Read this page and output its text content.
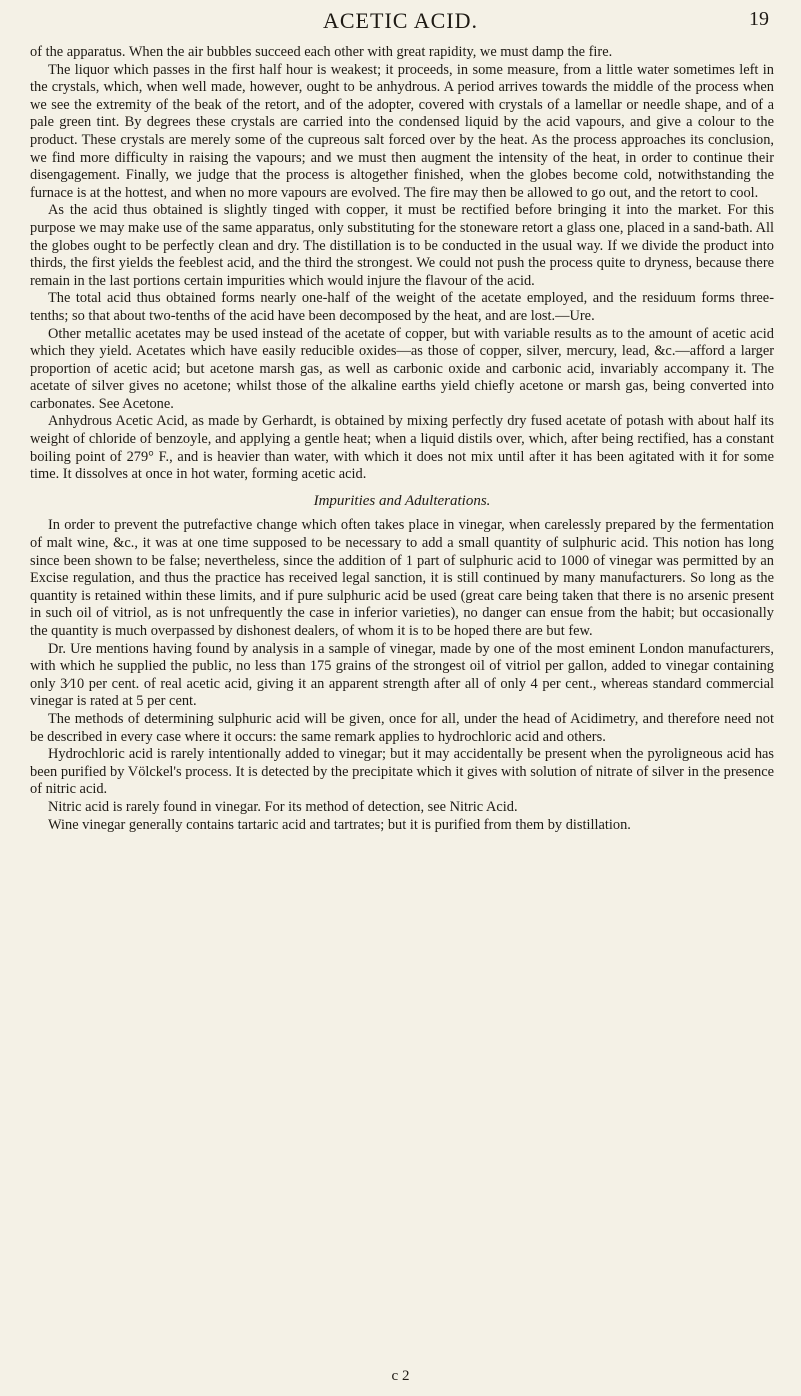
ACETIC ACID.	19

of the apparatus. When the air bubbles succeed each other with great rapidity, we must damp the fire.

The liquor which passes in the first half hour is weakest; it proceeds, in some measure, from a little water sometimes left in the crystals, which, when well made, however, ought to be anhydrous. A period arrives towards the middle of the process when we see the extremity of the beak of the retort, and of the adopter, covered with crystals of a lamellar or needle shape, and of a pale green tint. By degrees these crystals are carried into the condensed liquid by the acid vapours, and give a colour to the product. These crystals are merely some of the cupreous salt forced over by the heat. As the process approaches its conclusion, we find more difficulty in raising the vapours; and we must then augment the intensity of the heat, in order to continue their disengagement. Finally, we judge that the process is altogether finished, when the globes become cold, notwithstanding the furnace is at the hottest, and when no more vapours are evolved. The fire may then be allowed to go out, and the retort to cool.

As the acid thus obtained is slightly tinged with copper, it must be rectified before bringing it into the market. For this purpose we may make use of the same apparatus, only substituting for the stoneware retort a glass one, placed in a sand-bath. All the globes ought to be perfectly clean and dry. The distillation is to be conducted in the usual way. If we divide the product into thirds, the first yields the feeblest acid, and the third the strongest. We could not push the process quite to dryness, because there remain in the last portions certain impurities which would injure the flavour of the acid.

The total acid thus obtained forms nearly one-half of the weight of the acetate employed, and the residuum forms three-tenths; so that about two-tenths of the acid have been decomposed by the heat, and are lost.—Ure.

Other metallic acetates may be used instead of the acetate of copper, but with variable results as to the amount of acetic acid which they yield. Acetates which have easily reducible oxides—as those of copper, silver, mercury, lead, &c.—afford a larger proportion of acetic acid; but acetone marsh gas, as well as carbonic oxide and carbonic acid, invariably accompany it. The acetate of silver gives no acetone; whilst those of the alkaline earths yield chiefly acetone or marsh gas, being converted into carbonates. See Acetone.

Anhydrous Acetic Acid, as made by Gerhardt, is obtained by mixing perfectly dry fused acetate of potash with about half its weight of chloride of benzoyle, and applying a gentle heat; when a liquid distils over, which, after being rectified, has a constant boiling point of 279° F., and is heavier than water, with which it does not mix until after it has been agitated with it for some time. It dissolves at once in hot water, forming acetic acid.

Impurities and Adulterations.

In order to prevent the putrefactive change which often takes place in vinegar, when carelessly prepared by the fermentation of malt wine, &c., it was at one time supposed to be necessary to add a small quantity of sulphuric acid. This notion has long since been shown to be false; nevertheless, since the addition of 1 part of sulphuric acid to 1000 of vinegar was permitted by an Excise regulation, and thus the practice has received legal sanction, it is still continued by many manufacturers. So long as the quantity is retained within these limits, and if pure sulphuric acid be used (great care being taken that there is no arsenic present in such oil of vitriol, as is not unfrequently the case in inferior varieties), no danger can ensue from the habit; but occasionally the quantity is much overpassed by dishonest dealers, of whom it is to be hoped there are but few.

Dr. Ure mentions having found by analysis in a sample of vinegar, made by one of the most eminent London manufacturers, with which he supplied the public, no less than 175 grains of the strongest oil of vitriol per gallon, added to vinegar containing only 3⁄10 per cent. of real acetic acid, giving it an apparent strength after all of only 4 per cent., whereas standard commercial vinegar is rated at 5 per cent.

The methods of determining sulphuric acid will be given, once for all, under the head of Acidimetry, and therefore need not be described in every case where it occurs: the same remark applies to hydrochloric acid and others.

Hydrochloric acid is rarely intentionally added to vinegar; but it may accidentally be present when the pyroligneous acid has been purified by Völckel's process. It is detected by the precipitate which it gives with solution of nitrate of silver in the presence of nitric acid.

Nitric acid is rarely found in vinegar. For its method of detection, see Nitric Acid.

Wine vinegar generally contains tartaric acid and tartrates; but it is purified from them by distillation.

c 2
